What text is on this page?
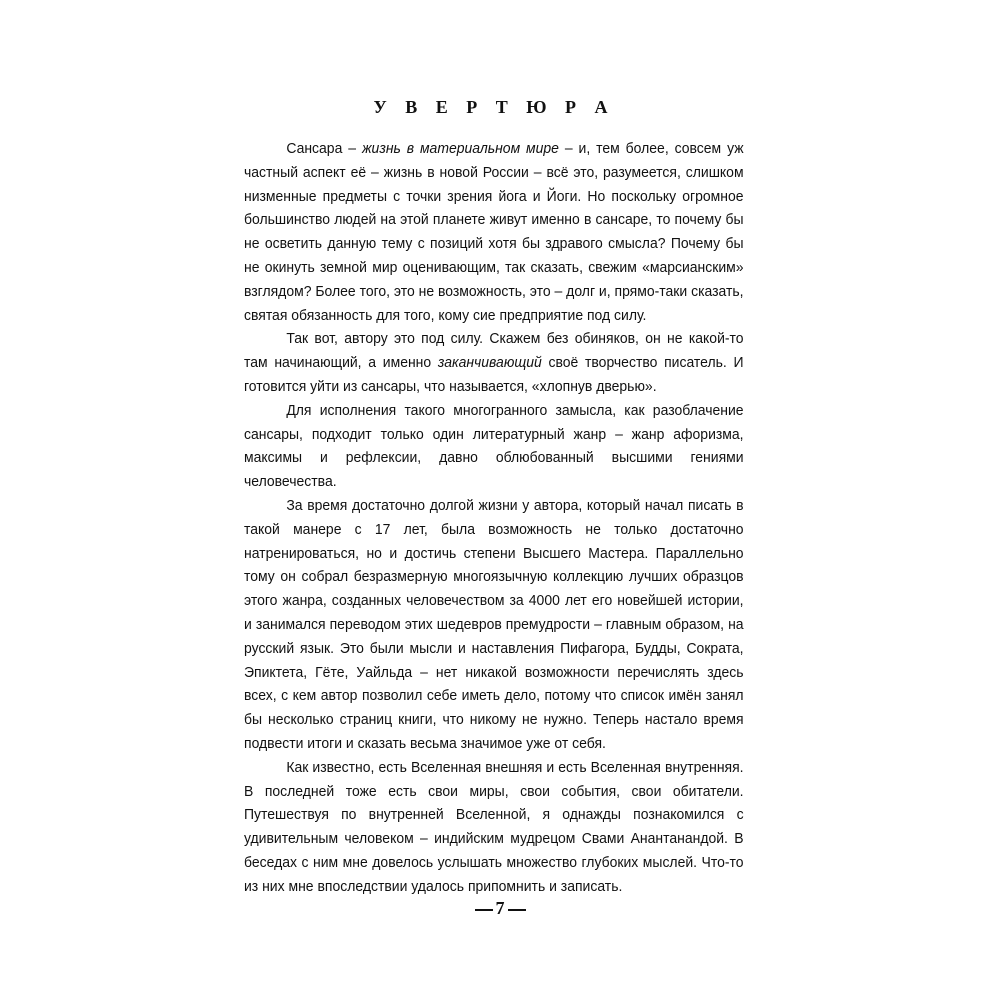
У В Е Р Т Ю Р А

Сансара – жизнь в материальном мире – и, тем более, совсем уж частный аспект её – жизнь в новой России – всё это, разумеется, слишком низменные предметы с точки зрения йога и Йоги. Но поскольку огромное большинство людей на этой планете живут именно в сансаре, то почему бы не осветить данную тему с позиций хотя бы здравого смысла? Почему бы не окинуть земной мир оценивающим, так сказать, свежим «марсианским» взглядом? Более того, это не возможность, это – долг и, прямо-таки сказать, святая обязанность для того, кому сие предприятие под силу.

Так вот, автору это под силу. Скажем без обиняков, он не какой-то там начинающий, а именно заканчивающий своё творчество писатель. И готовится уйти из сансары, что называется, «хлопнув дверью».

Для исполнения такого многогранного замысла, как разоблачение сансары, подходит только один литературный жанр – жанр афоризма, максимы и рефлексии, давно облюбованный высшими гениями человечества.

За время достаточно долгой жизни у автора, который начал писать в такой манере с 17 лет, была возможность не только достаточно натренироваться, но и достичь степени Высшего Мастера. Параллельно тому он собрал безразмерную многоязычную коллекцию лучших образцов этого жанра, созданных человечеством за 4000 лет его новейшей истории, и занимался переводом этих шедевров премудрости – главным образом, на русский язык. Это были мысли и наставления Пифагора, Будды, Сократа, Эпиктета, Гёте, Уайльда – нет никакой возможности перечислять здесь всех, с кем автор позволил себе иметь дело, потому что список имён занял бы несколько страниц книги, что никому не нужно. Теперь настало время подвести итоги и сказать весьма значимое уже от себя.

Как известно, есть Вселенная внешняя и есть Вселенная внутренняя. В последней тоже есть свои миры, свои события, свои обитатели. Путешествуя по внутренней Вселенной, я однажды познакомился с удивительным человеком – индийским мудрецом Свами Анантанандой. В беседах с ним мне довелось услышать множество глубоких мыслей. Что-то из них мне впоследствии удалось припомнить и записать.

7
